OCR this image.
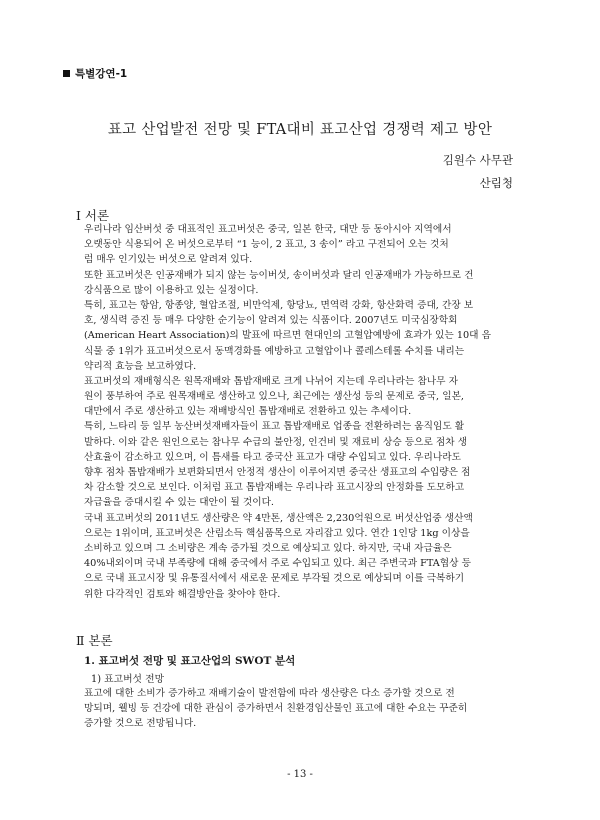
특별강연-1
표고 산업발전 전망 및 FTA대비 표고산업 경쟁력 제고 방안
김원수 사무관
산림청
Ⅰ 서론
우리나라 임산버섯 중 대표적인 표고버섯은 중국, 일본 한국, 대만 등 동아시아 지역에서
오랫동안 식용되어 온 버섯으로부터 “1 능이, 2 표고, 3 송이” 라고 구전되어 오는 것처
럼 매우 인기있는 버섯으로 알려져 있다.
또한 표고버섯은 인공재배가 되지 않는 능이버섯, 송이버섯과 달리 인공재배가 가능하므로 건
강식품으로 많이 이용하고 있는 실정이다.
특히, 표고는 항암, 항종양, 혈압조절, 비만억제, 항당뇨, 면역력 강화, 항산화력 증대, 간장 보
호, 생식력 증진 등 매우 다양한 순기능이 알려져 있는 식품이다. 2007년도 미국심장학회
(American Heart Association)의 발표에 따르면 현대인의 고혈압예방에 효과가 있는 10대 음
식물 중 1위가 표고버섯으로서 동맥경화를 예방하고 고혈압이나 콜레스테롤 수치를 내리는
약리적 효능을 보고하였다.
표고버섯의 재배형식은 원목재배와 톱밥재배로 크게 나뉘어 지는데 우리나라는 참나무 자
원이 풍부하여 주로 원목재배로 생산하고 있으나, 최근에는 생산성 등의 문제로 중국, 일본,
대만에서 주로 생산하고 있는 재배방식인 톱밥재배로 전환하고 있는 추세이다.
특히, 느타리 등 일부 농산버섯재배자들이 표고 톱밥재배로 업종을 전환하려는 움직임도 활
발하다. 이와 같은 원인으로는 참나무 수급의 불안정, 인건비 및 재료비 상승 등으로 점차 생
산효율이 감소하고 있으며, 이 틈새를 타고 중국산 표고가 대량 수입되고 있다. 우리나라도
향후 점차 톱밥재배가 보편화되면서 안정적 생산이 이루어지면 중국산 생표고의 수입량은 점
차 감소할 것으로 보인다. 이처럼 표고 톱밥재배는 우리나라 표고시장의 안정화를 도모하고
자급율을 증대시킬 수 있는 대안이 될 것이다.
국내 표고버섯의 2011년도 생산량은 약 4만톤, 생산액은 2,230억원으로 버섯산업중 생산액
으로는 1위이며, 표고버섯은 산림소득 핵심품목으로 자리잡고 있다. 연간 1인당 1kg 이상을
소비하고 있으며 그 소비량은 계속 증가될 것으로 예상되고 있다. 하지만, 국내 자급율은
40%내외이며 국내 부족량에 대해 중국에서 주로 수입되고 있다. 최근 주변국과 FTA협상 등
으로 국내 표고시장 및 유통질서에서 새로운 문제로 부각될 것으로 예상되며 이를 극복하기
위한 다각적인 검토와 해결방안을 찾아야 한다.
Ⅱ 본론
1. 표고버섯 전망 및 표고산업의 SWOT 분석
1) 표고버섯 전망
표고에 대한 소비가 증가하고 재배기술이 발전함에 따라 생산량은 다소 증가할 것으로 전
망되며, 웰빙 등 건강에 대한 관심이 증가하면서 친환경임산물인 표고에 대한 수요는 꾸준히
증가할 것으로 전망됩니다.
- 13 -
